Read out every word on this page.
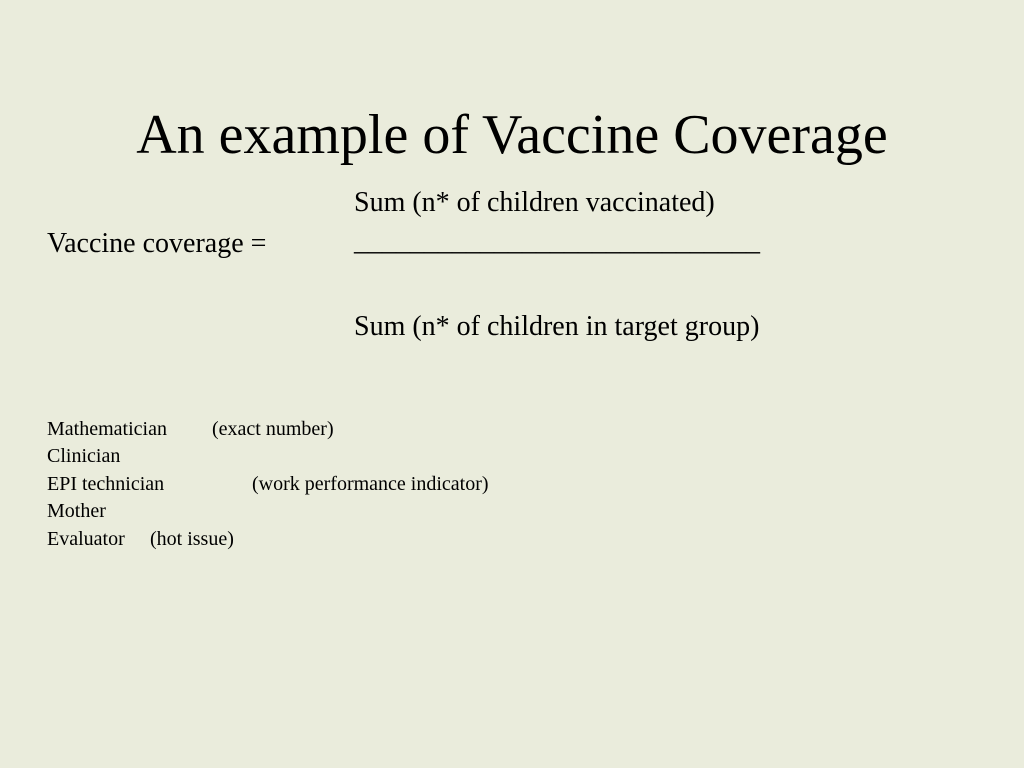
An example of Vaccine Coverage
Sum (n* of children vaccinated)
Vaccine coverage =	_____________________________
Sum (n* of children in target group)
Mathematician (exact number)
Clinician
EPI technician	(work performance indicator)
Mother
Evaluator (hot issue)
